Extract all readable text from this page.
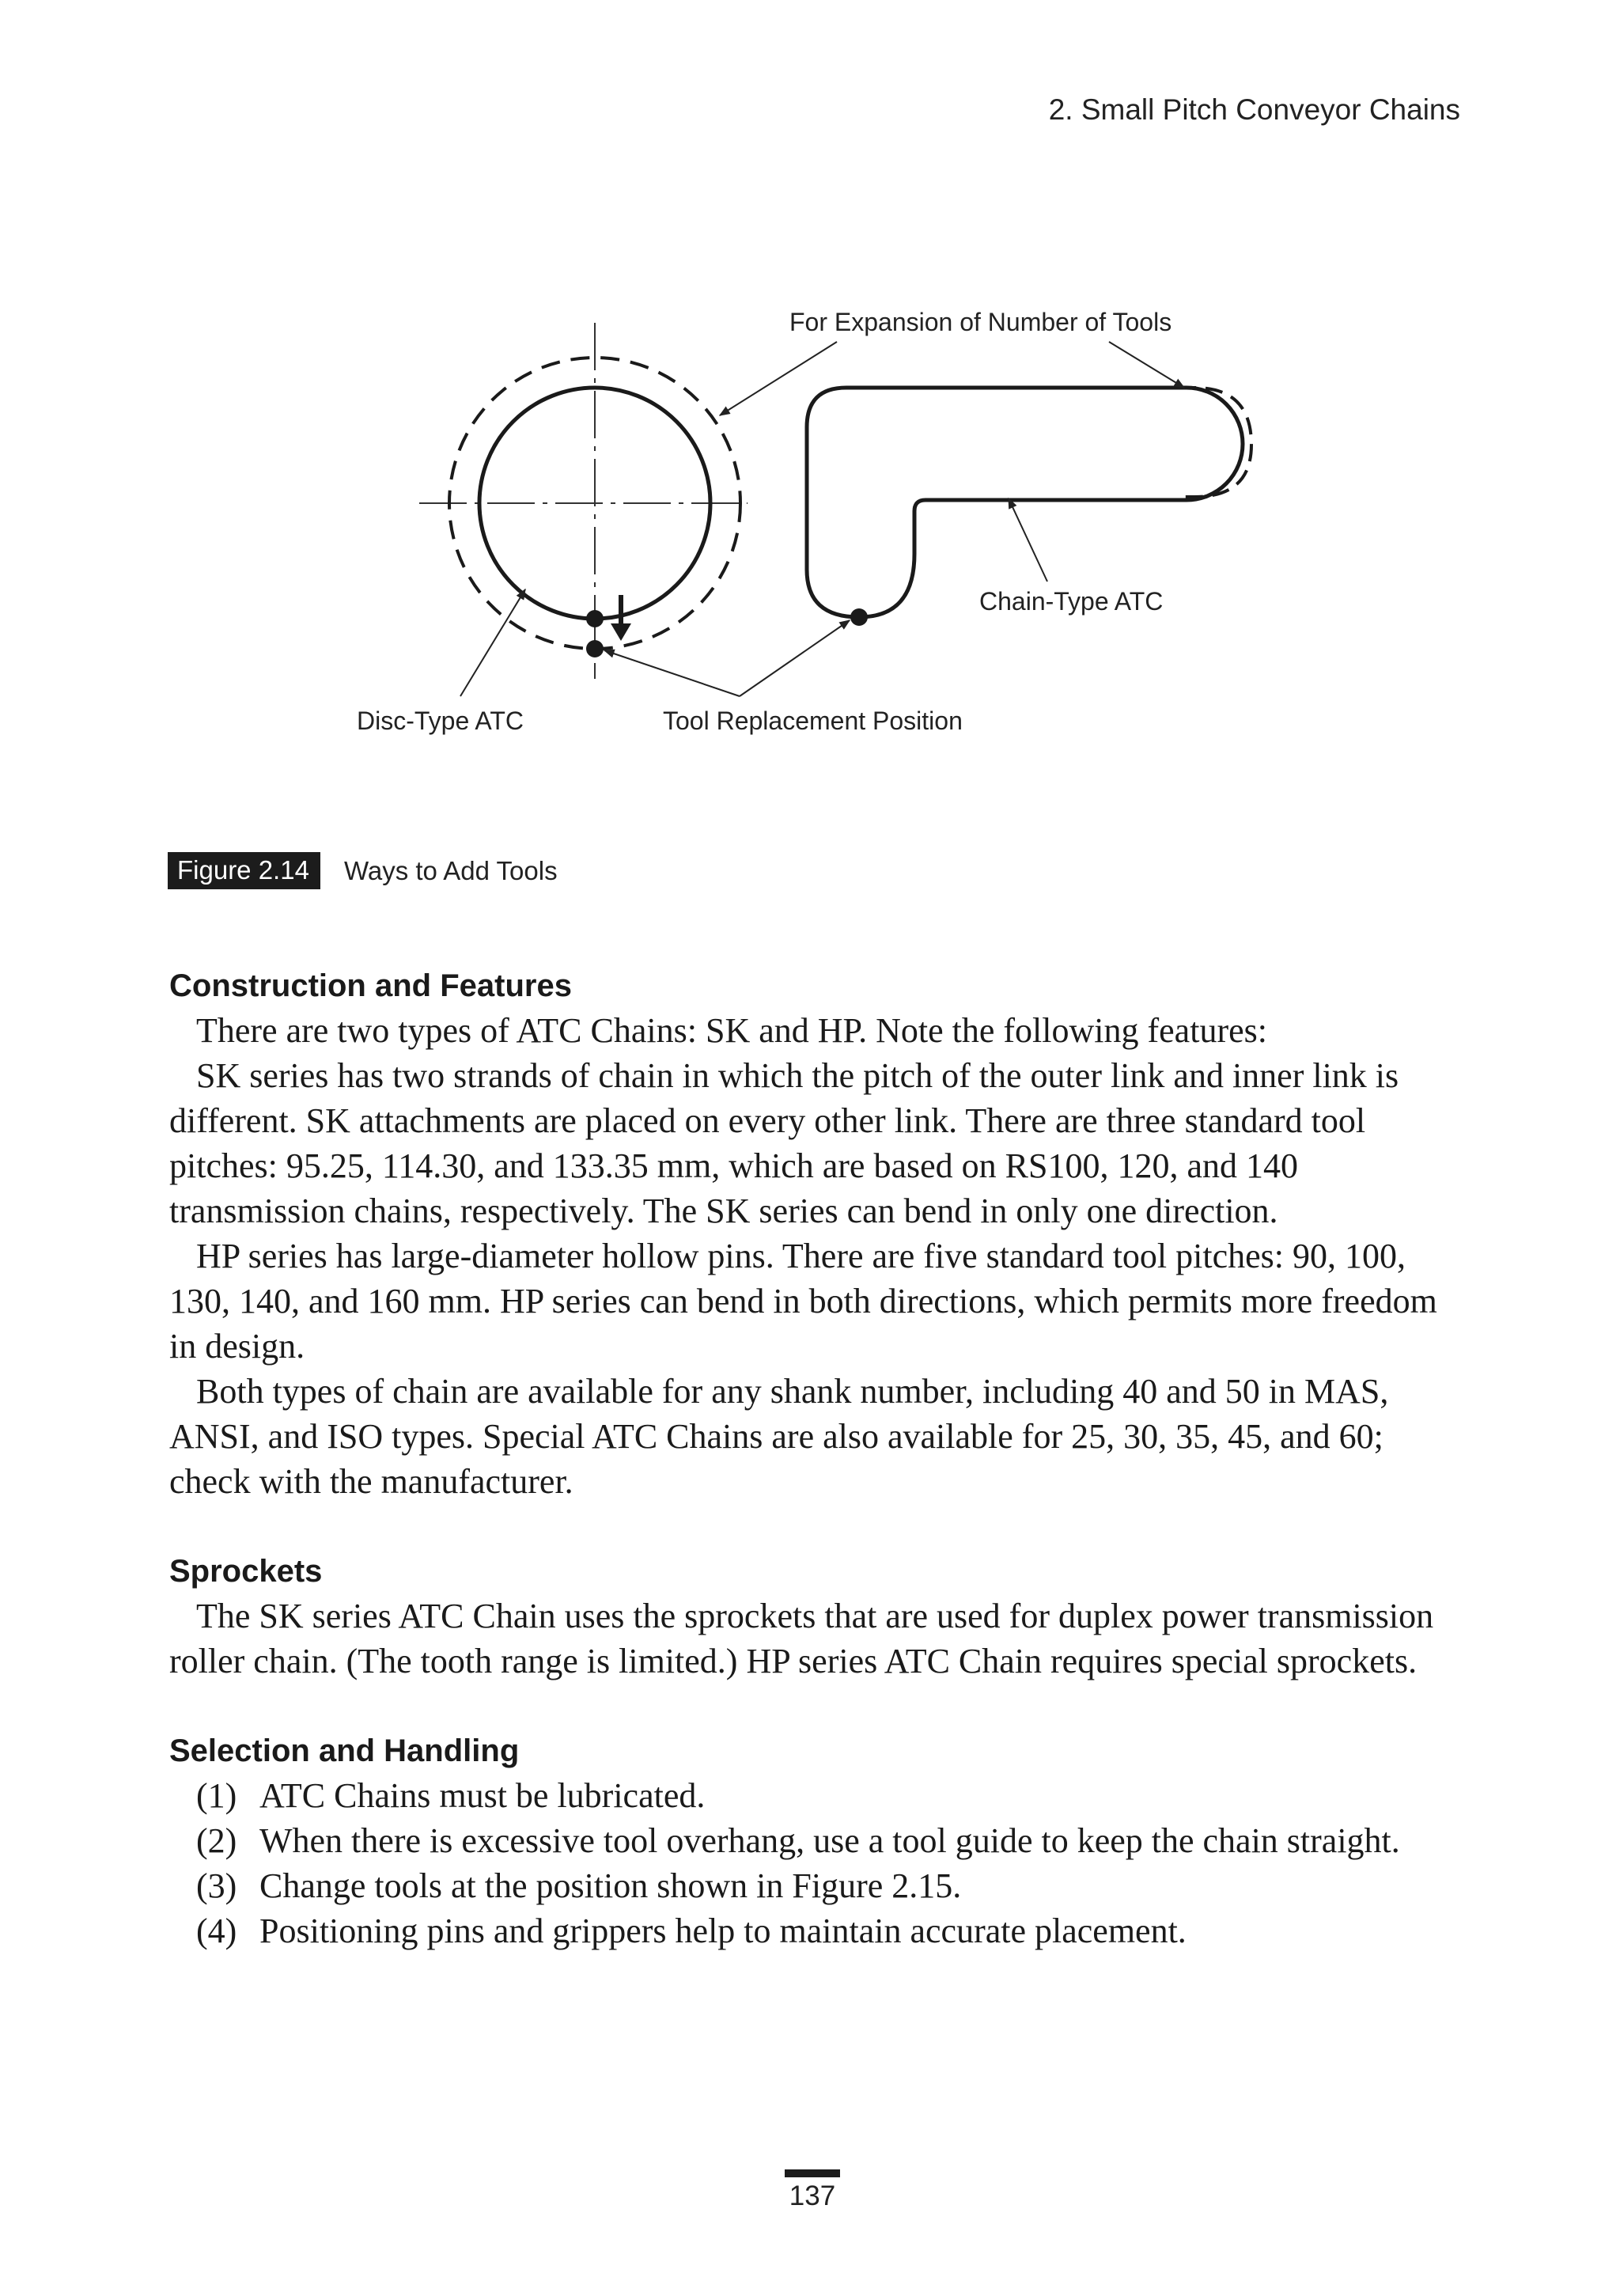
2. Small Pitch Conveyor Chains
For Expansion of Number of Tools
Chain-Type ATC
Disc-Type ATC	Tool Replacement Position
Figure 2.14	Ways to Add Tools
Construction and Features

There are two types of ATC Chains: SK and HP. Note the following features:

SK series has two strands of chain in which the pitch of the outer link and inner link is different. SK attachments are placed on every other link. There are three standard tool pitches: 95.25, 114.30, and 133.35 mm, which are based on RS100, 120, and 140 transmission chains, respectively. The SK series can bend in only one direction.

HP series has large-diameter hollow pins. There are five standard tool pitches: 90, 100, 130, 140, and 160 mm. HP series can bend in both directions, which permits more freedom in design.

Both types of chain are available for any shank number, including 40 and 50 in MAS, ANSI, and ISO types. Special ATC Chains are also available for 25, 30, 35, 45, and 60; check with the manufacturer.

Sprockets

The SK series ATC Chain uses the sprockets that are used for duplex power transmission roller chain. (The tooth range is limited.) HP series ATC Chain requires special sprockets.

Selection and Handling
(1) ATC Chains must be lubricated.
(2) When there is excessive tool overhang, use a tool guide to keep the chain straight.
(3) Change tools at the position shown in Figure 2.15.
(4) Positioning pins and grippers help to maintain accurate placement.
137
